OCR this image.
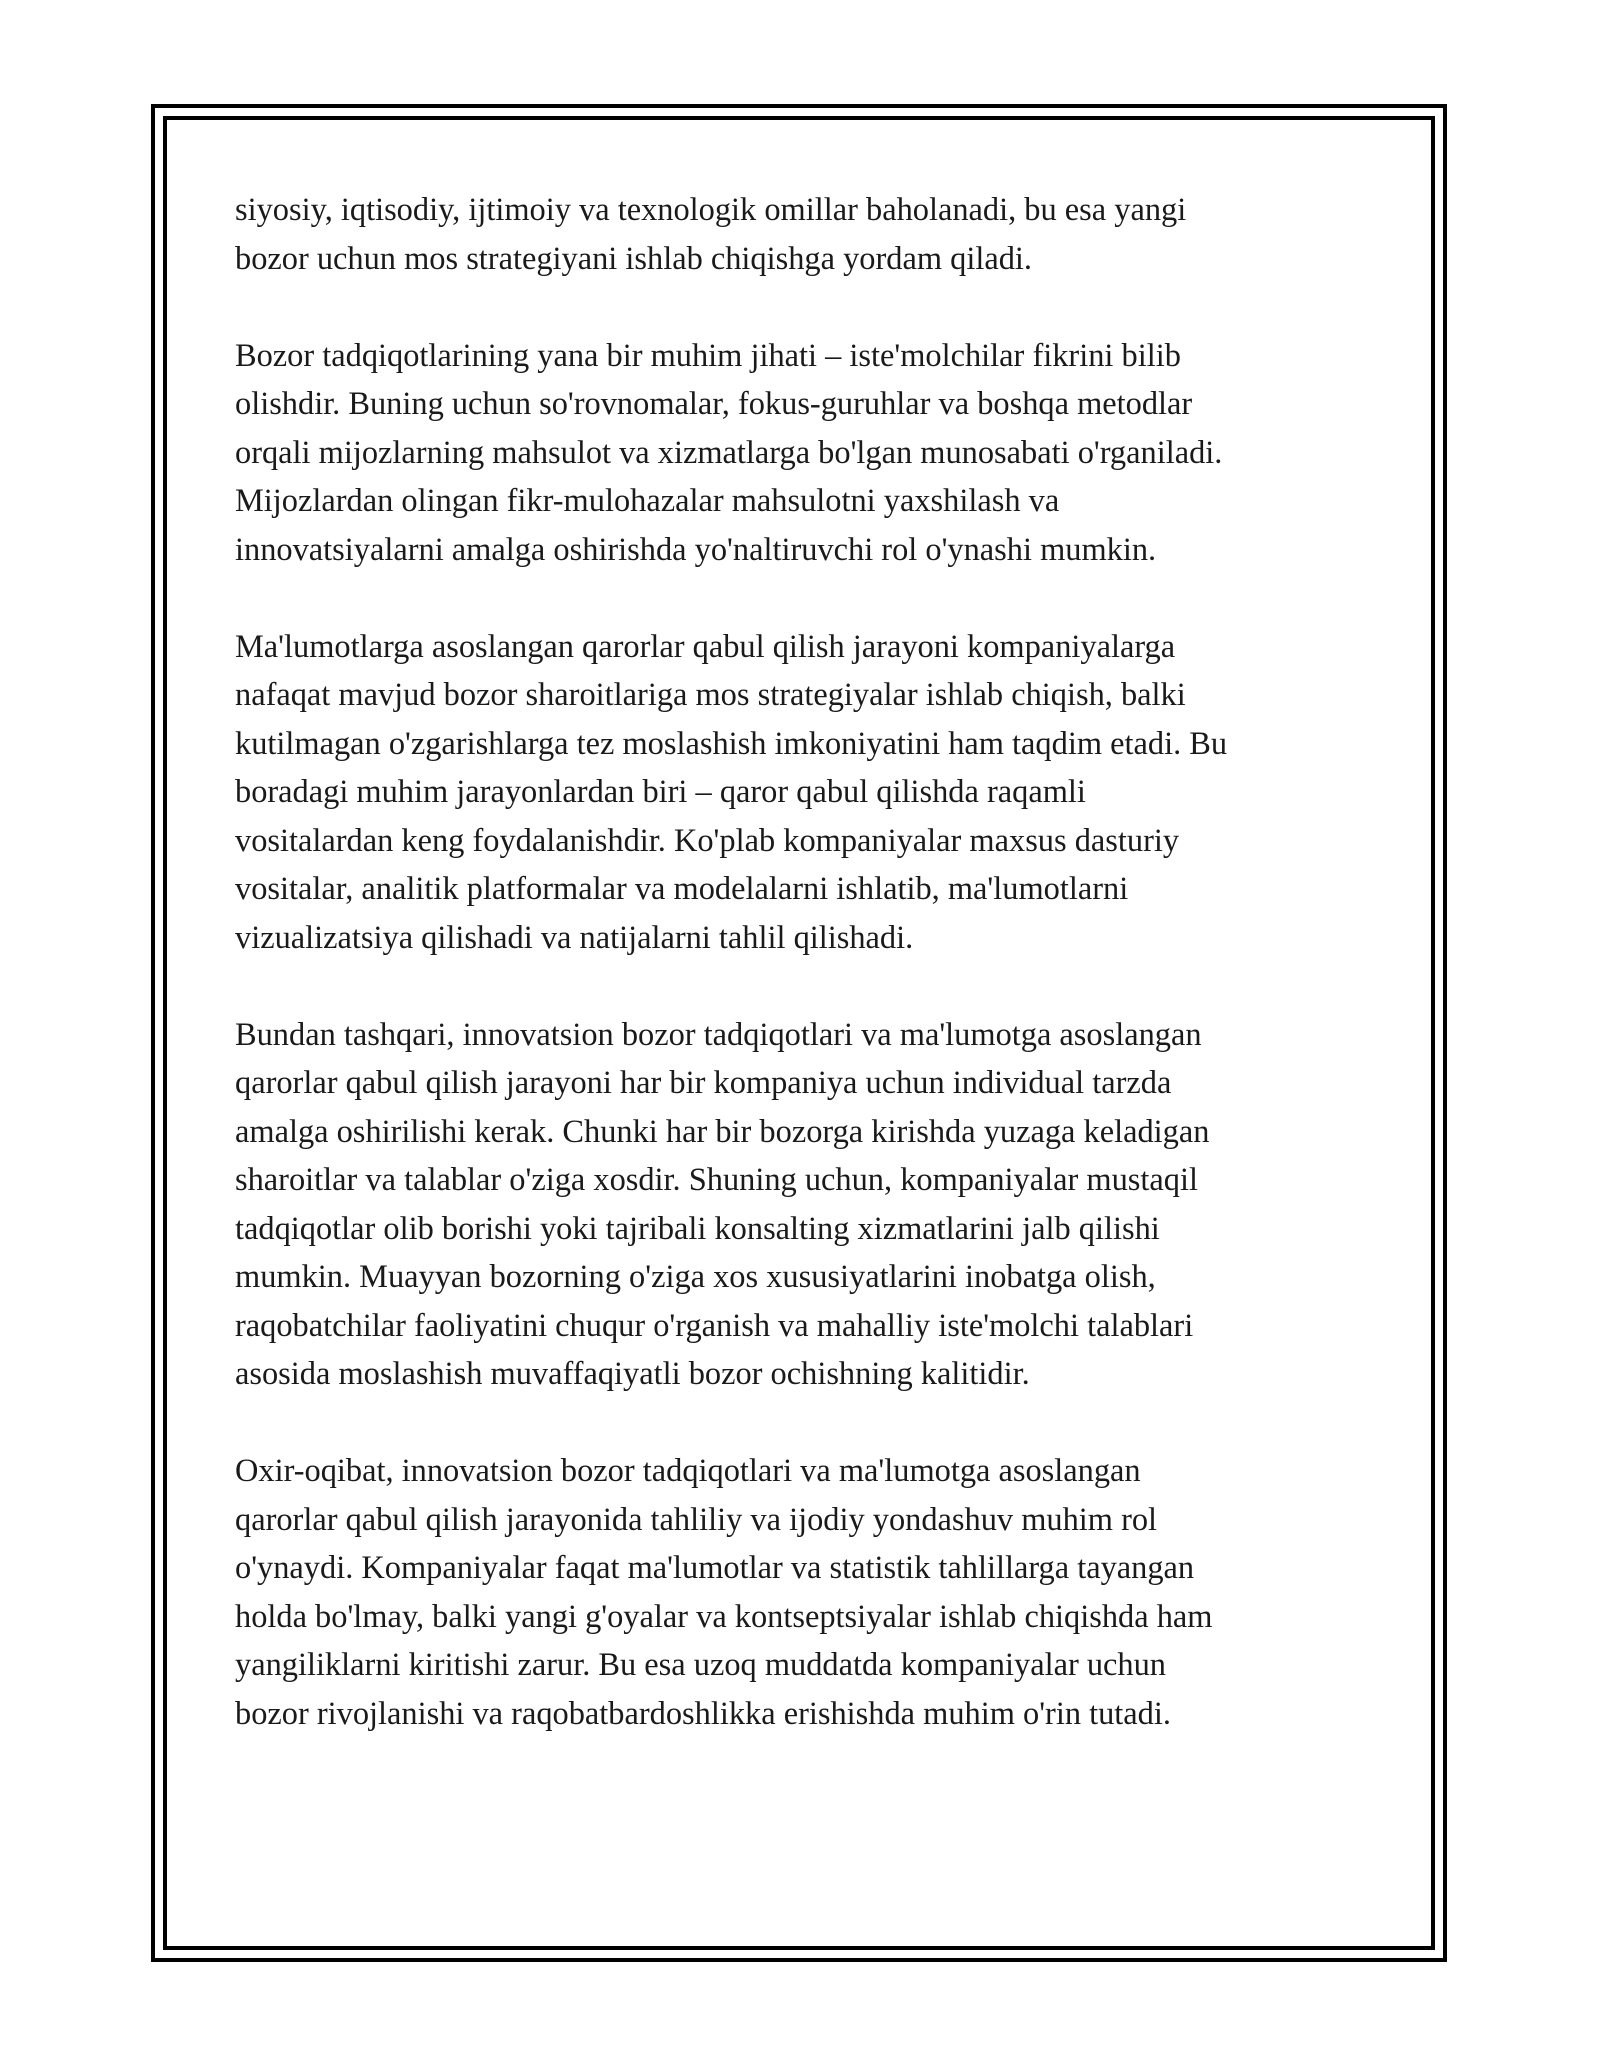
siyosiy, iqtisodiy, ijtimoiy va texnologik omillar baholanadi, bu esa yangi
bozor uchun mos strategiyani ishlab chiqishga yordam qiladi.

Bozor tadqiqotlarining yana bir muhim jihati – iste'molchilar fikrini bilib
olishdir. Buning uchun so'rovnomalar, fokus-guruhlar va boshqa metodlar
orqali mijozlarning mahsulot va xizmatlarga bo'lgan munosabati o'rganiladi.
Mijozlardan olingan fikr-mulohazalar mahsulotni yaxshilash va
innovatsiyalarni amalga oshirishda yo'naltiruvchi rol o'ynashi mumkin.

Ma'lumotlarga asoslangan qarorlar qabul qilish jarayoni kompaniyalarga
nafaqat mavjud bozor sharoitlariga mos strategiyalar ishlab chiqish, balki
kutilmagan o'zgarishlarga tez moslashish imkoniyatini ham taqdim etadi. Bu
boradagi muhim jarayonlardan biri – qaror qabul qilishda raqamli
vositalardan keng foydalanishdir. Ko'plab kompaniyalar maxsus dasturiy
vositalar, analitik platformalar va modelalarni ishlatib, ma'lumotlarni
vizualizatsiya qilishadi va natijalarni tahlil qilishadi.

Bundan tashqari, innovatsion bozor tadqiqotlari va ma'lumotga asoslangan
qarorlar qabul qilish jarayoni har bir kompaniya uchun individual tarzda
amalga oshirilishi kerak. Chunki har bir bozorga kirishda yuzaga keladigan
sharoitlar va talablar o'ziga xosdir. Shuning uchun, kompaniyalar mustaqil
tadqiqotlar olib borishi yoki tajribali konsalting xizmatlarini jalb qilishi
mumkin. Muayyan bozorning o'ziga xos xususiyatlarini inobatga olish,
raqobatchilar faoliyatini chuqur o'rganish va mahalliy iste'molchi talablari
asosida moslashish muvaffaqiyatli bozor ochishning kalitidir.

Oxir-oqibat, innovatsion bozor tadqiqotlari va ma'lumotga asoslangan
qarorlar qabul qilish jarayonida tahliliy va ijodiy yondashuv muhim rol
o'ynaydi. Kompaniyalar faqat ma'lumotlar va statistik tahlillarga tayangan
holda bo'lmay, balki yangi g'oyalar va kontseptsiyalar ishlab chiqishda ham
yangiliklarni kiritishi zarur. Bu esa uzoq muddatda kompaniyalar uchun
bozor rivojlanishi va raqobatbardoshlikka erishishda muhim o'rin tutadi.
